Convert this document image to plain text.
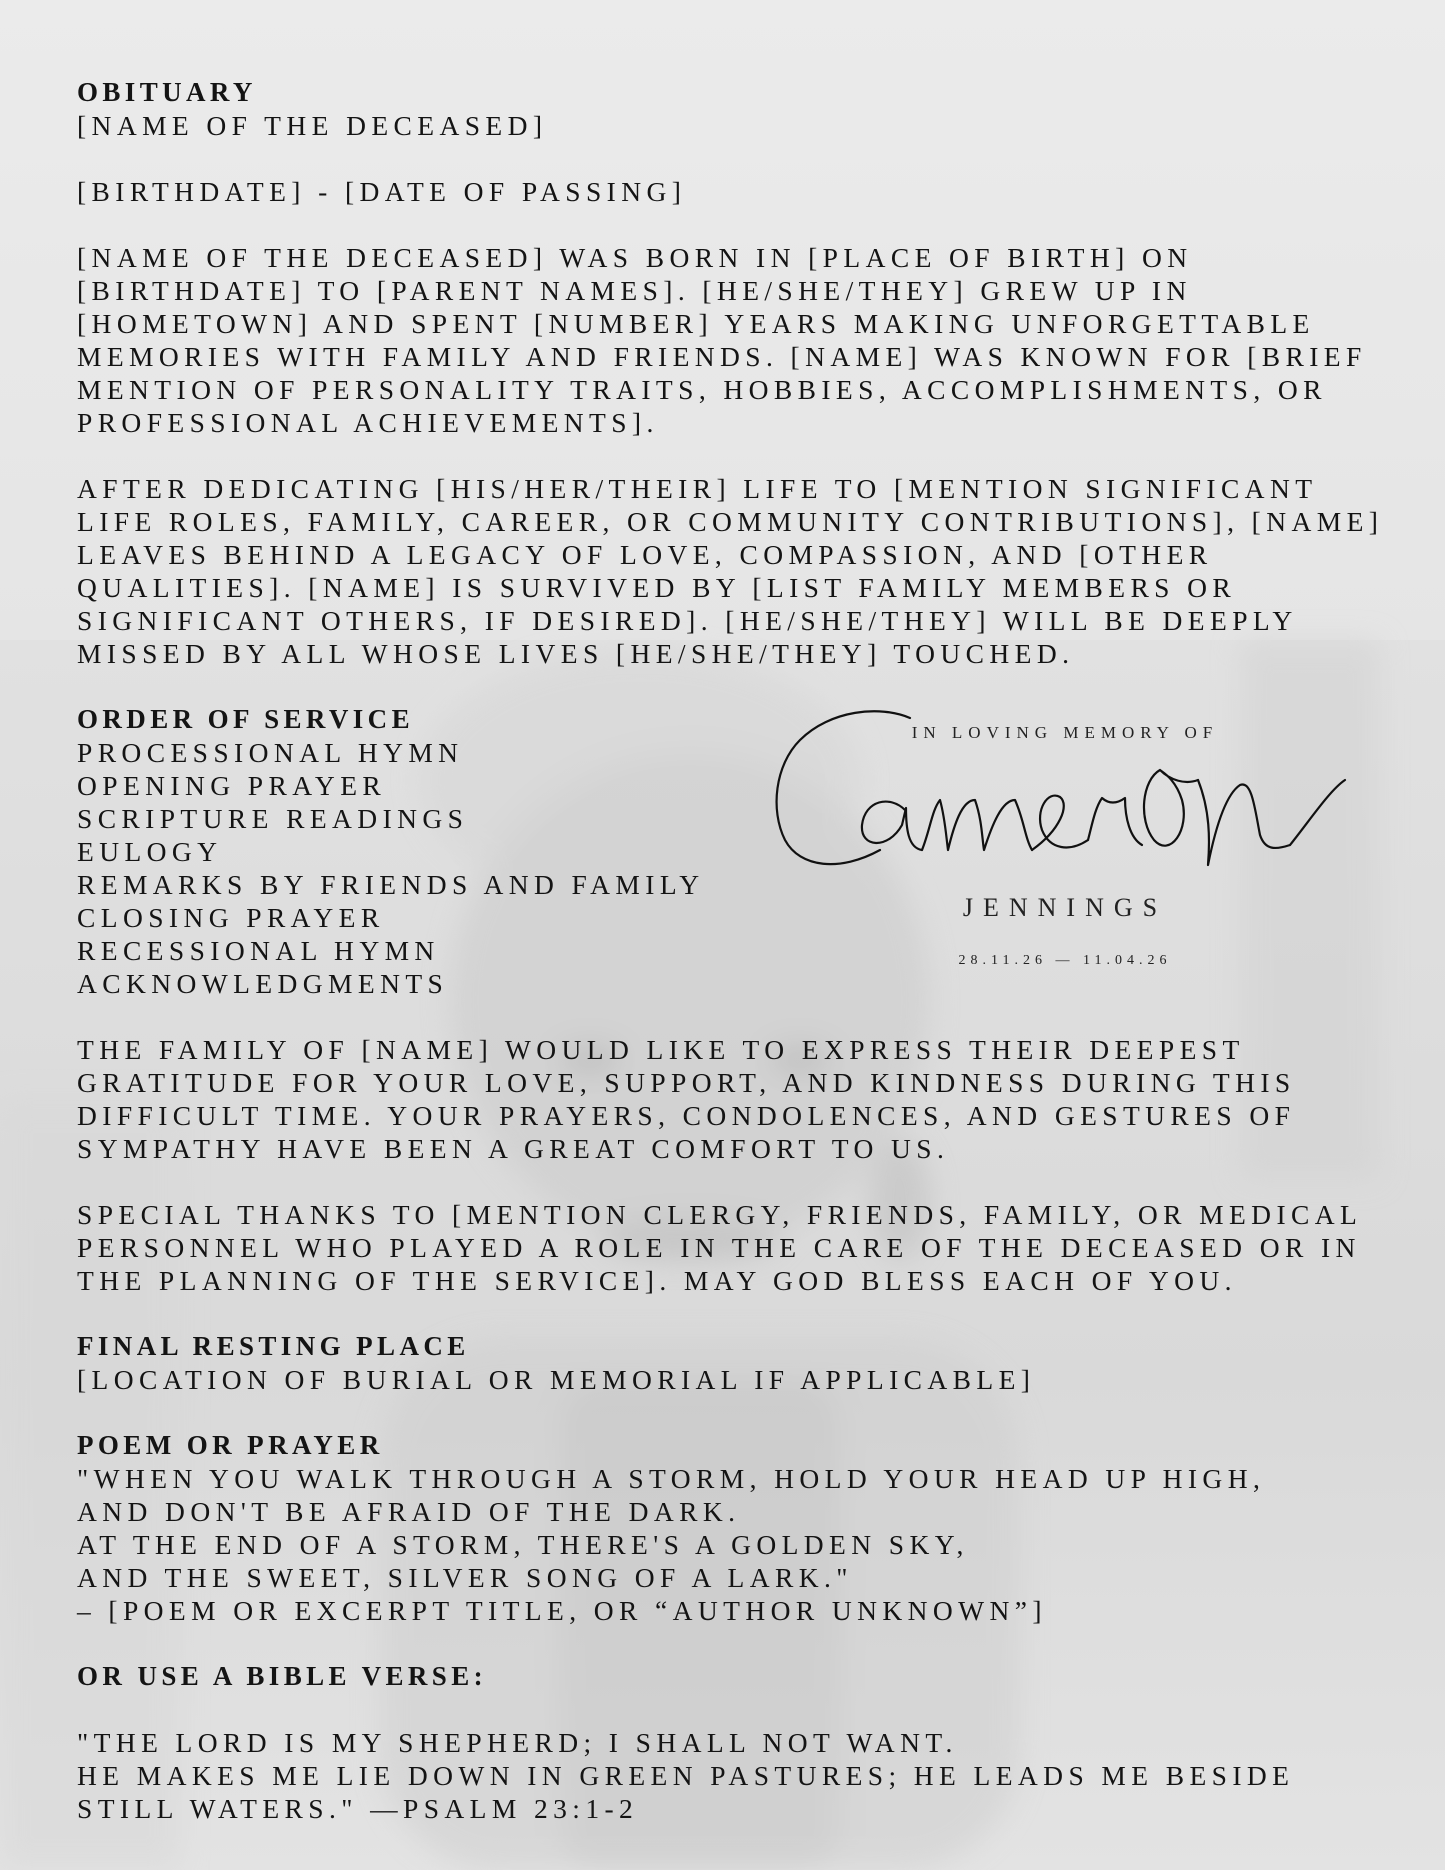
OBITUARY
[NAME OF THE DECEASED]
[BIRTHDATE] - [DATE OF PASSING]
[NAME OF THE DECEASED] WAS BORN IN [PLACE OF BIRTH] ON
[BIRTHDATE] TO [PARENT NAMES]. [HE/SHE/THEY] GREW UP IN
[HOMETOWN] AND SPENT [NUMBER] YEARS MAKING UNFORGETTABLE
MEMORIES WITH FAMILY AND FRIENDS. [NAME] WAS KNOWN FOR [BRIEF
MENTION OF PERSONALITY TRAITS, HOBBIES, ACCOMPLISHMENTS, OR
PROFESSIONAL ACHIEVEMENTS].
AFTER DEDICATING [HIS/HER/THEIR] LIFE TO [MENTION SIGNIFICANT
LIFE ROLES, FAMILY, CAREER, OR COMMUNITY CONTRIBUTIONS], [NAME]
LEAVES BEHIND A LEGACY OF LOVE, COMPASSION, AND [OTHER
QUALITIES]. [NAME] IS SURVIVED BY [LIST FAMILY MEMBERS OR
SIGNIFICANT OTHERS, IF DESIRED]. [HE/SHE/THEY] WILL BE DEEPLY
MISSED BY ALL WHOSE LIVES [HE/SHE/THEY] TOUCHED.
ORDER OF SERVICE
PROCESSIONAL HYMN
OPENING PRAYER
SCRIPTURE READINGS
EULOGY
REMARKS BY FRIENDS AND FAMILY
CLOSING PRAYER
RECESSIONAL HYMN
ACKNOWLEDGMENTS
THE FAMILY OF [NAME] WOULD LIKE TO EXPRESS THEIR DEEPEST
GRATITUDE FOR YOUR LOVE, SUPPORT, AND KINDNESS DURING THIS
DIFFICULT TIME. YOUR PRAYERS, CONDOLENCES, AND GESTURES OF
SYMPATHY HAVE BEEN A GREAT COMFORT TO US.
SPECIAL THANKS TO [MENTION CLERGY, FRIENDS, FAMILY, OR MEDICAL
PERSONNEL WHO PLAYED A ROLE IN THE CARE OF THE DECEASED OR IN
THE PLANNING OF THE SERVICE]. MAY GOD BLESS EACH OF YOU.
FINAL RESTING PLACE
[LOCATION OF BURIAL OR MEMORIAL IF APPLICABLE]
POEM OR PRAYER
"WHEN YOU WALK THROUGH A STORM, HOLD YOUR HEAD UP HIGH,
AND DON'T BE AFRAID OF THE DARK.
AT THE END OF A STORM, THERE'S A GOLDEN SKY,
AND THE SWEET, SILVER SONG OF A LARK."
– [POEM OR EXCERPT TITLE, OR “AUTHOR UNKNOWN”]
OR USE A BIBLE VERSE:
"THE LORD IS MY SHEPHERD; I SHALL NOT WANT.
HE MAKES ME LIE DOWN IN GREEN PASTURES; HE LEADS ME BESIDE
STILL WATERS." —PSALM 23:1-2
IN LOVING MEMORY OF
JENNINGS
28.11.26 — 11.04.26
